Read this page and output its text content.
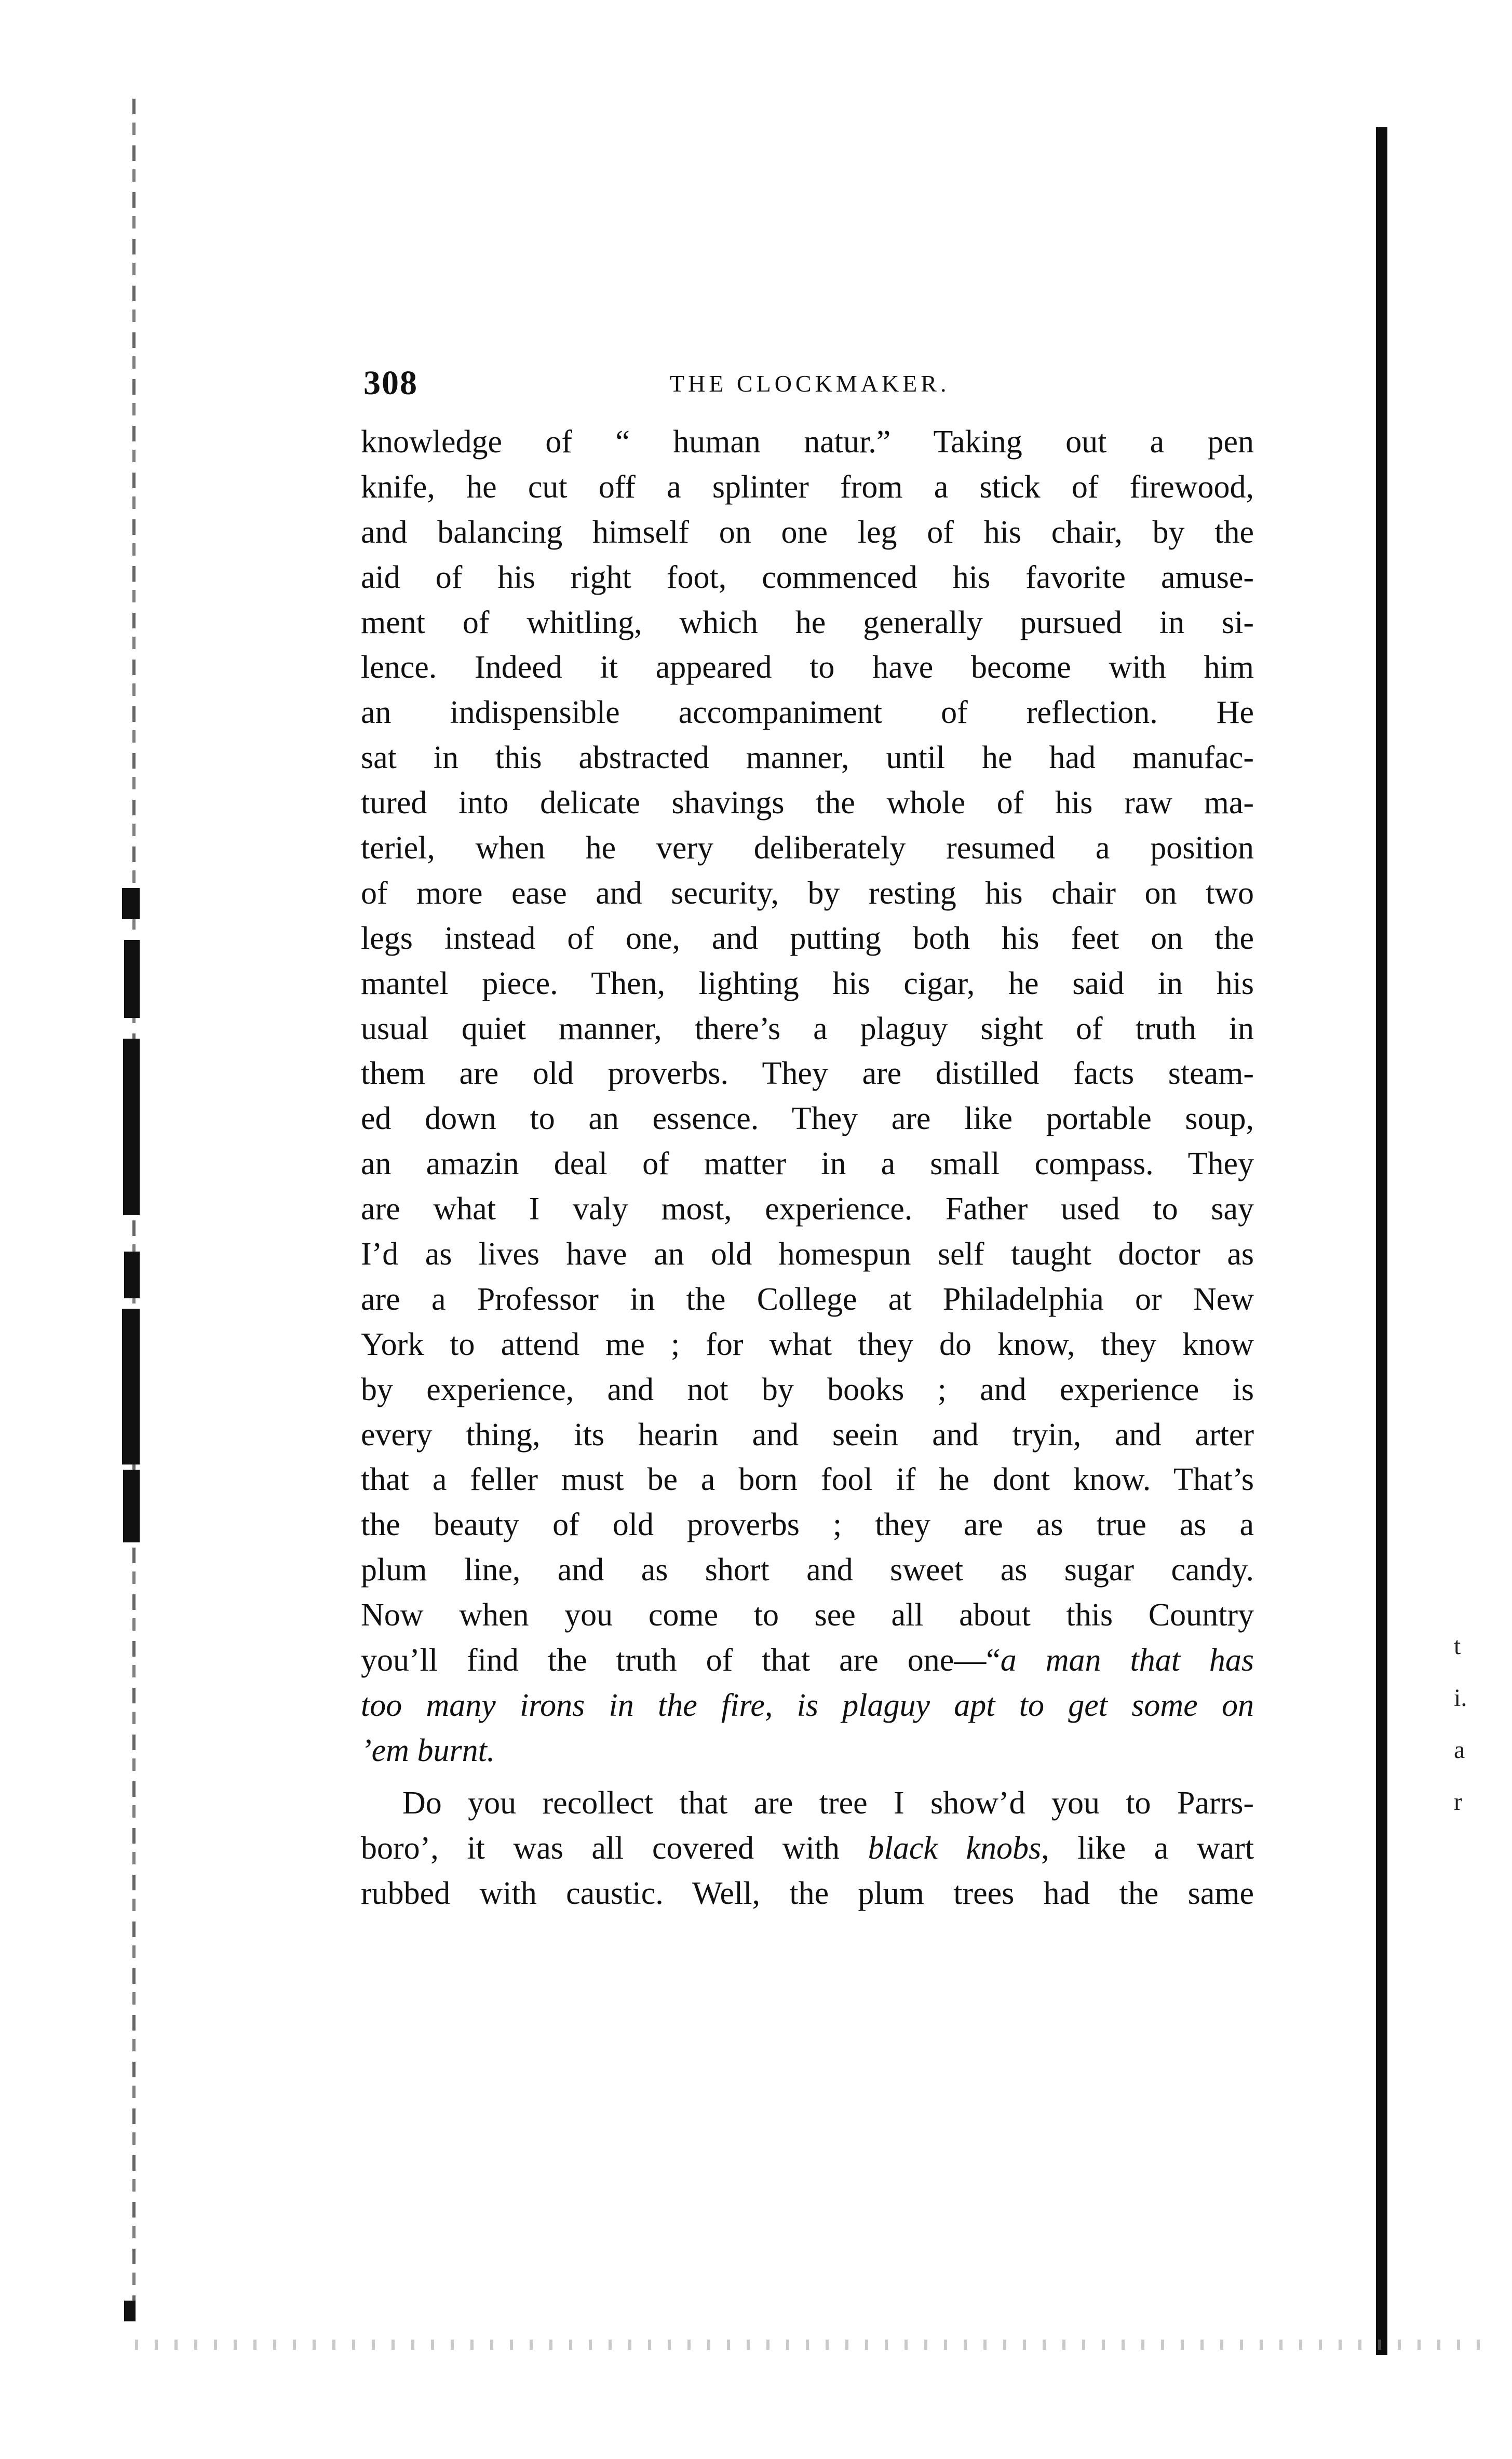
t
i.
a
r
308	THE CLOCKMAKER.
knowledge of “ human natur.” Taking out a pen
knife, he cut off a splinter from a stick of firewood,
and balancing himself on one leg of his chair, by the
aid of his right foot, commenced his favorite amuse-
ment of whitling, which he generally pursued in si-
lence. Indeed it appeared to have become with him
an indispensible accompaniment of reflection. He
sat in this abstracted manner, until he had manufac-
tured into delicate shavings the whole of his raw ma-
teriel, when he very deliberately resumed a position
of more ease and security, by resting his chair on two
legs instead of one, and putting both his feet on the
mantel piece. Then, lighting his cigar, he said in his
usual quiet manner, there’s a plaguy sight of truth in
them are old proverbs. They are distilled facts steam-
ed down to an essence. They are like portable soup,
an amazin deal of matter in a small compass. They
are what I valy most, experience. Father used to say
I’d as lives have an old homespun self taught doctor as
are a Professor in the College at Philadelphia or New
York to attend me ; for what they do know, they know
by experience, and not by books ; and experience is
every thing, its hearin and seein and tryin, and arter
that a feller must be a born fool if he dont know. That’s
the beauty of old proverbs ; they are as true as a
plum line, and as short and sweet as sugar candy.
Now when you come to see all about this Country
you’ll find the truth of that are one—“a man that has
too many irons in the fire, is plaguy apt to get some on
’em burnt.
Do you recollect that are tree I show’d you to Parrs-
boro’, it was all covered with black knobs, like a wart
rubbed with caustic. Well, the plum trees had the same
